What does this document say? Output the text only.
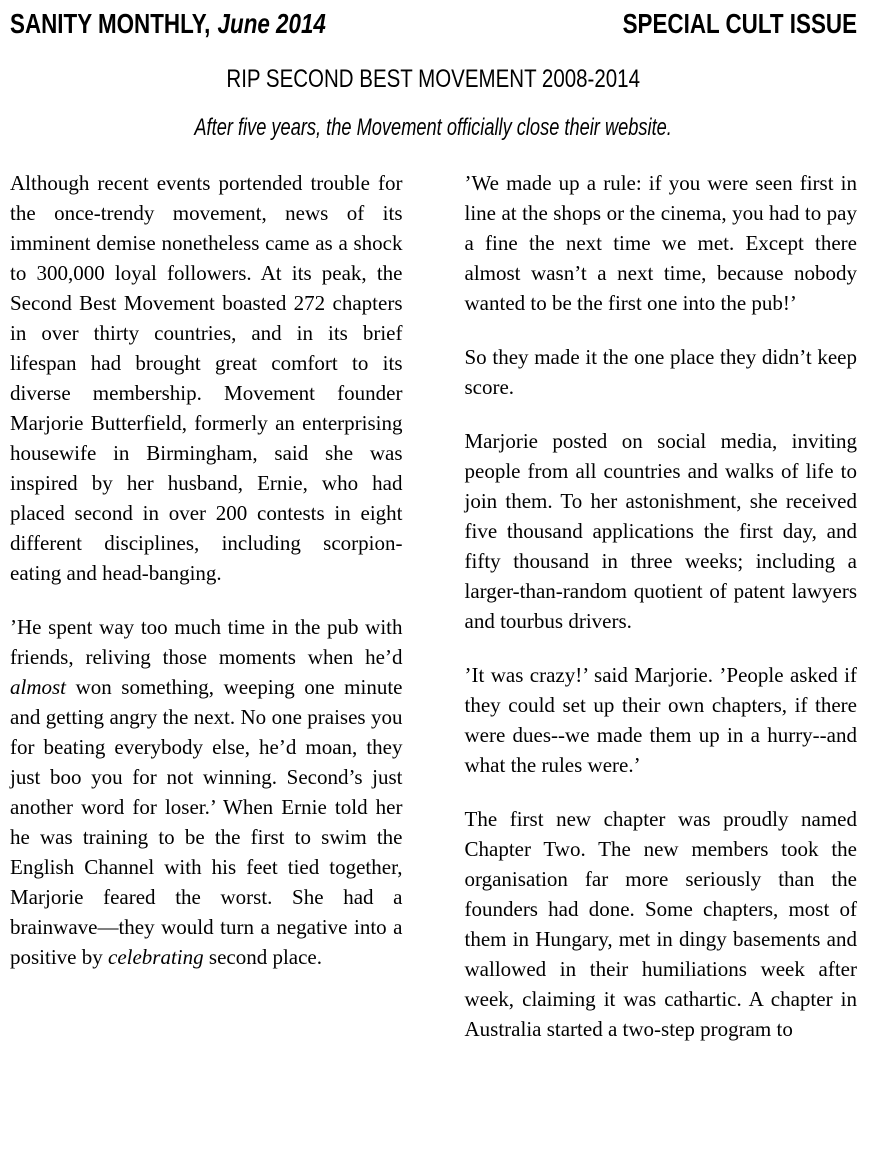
SANITY MONTHLY, June 2014	SPECIAL CULT ISSUE
RIP SECOND BEST MOVEMENT 2008-2014
After five years, the Movement officially close their website.

Although recent events portended trouble for the once-trendy movement, news of its imminent demise nonetheless came as a shock to 300,000 loyal followers. At its peak, the Second Best Movement boasted 272 chapters in over thirty countries, and in its brief lifespan had brought great comfort to its diverse membership. Movement founder Marjorie Butterfield, formerly an enterprising housewife in Birmingham, said she was inspired by her husband, Ernie, who had placed second in over 200 contests in eight different disciplines, including scorpion-eating and head-banging.

’He spent way too much time in the pub with friends, reliving those moments when he’d almost won something, weeping one minute and getting angry the next. No one praises you for beating everybody else, he’d moan, they just boo you for not winning. Second’s just another word for loser.’ When Ernie told her he was training to be the first to swim the English Channel with his feet tied together, Marjorie feared the worst. She had a brainwave—they would turn a negative into a positive by celebrating second place.

’We made up a rule: if you were seen first in line at the shops or the cinema, you had to pay a fine the next time we met. Except there almost wasn’t a next time, because nobody wanted to be the first one into the pub!’

So they made it the one place they didn’t keep score.

Marjorie posted on social media, inviting people from all countries and walks of life to join them. To her astonishment, she received five thousand applications the first day, and fifty thousand in three weeks; including a larger-than-random quotient of patent lawyers and tourbus drivers.

’It was crazy!’ said Marjorie. ’People asked if they could set up their own chapters, if there were dues--we made them up in a hurry--and what the rules were.’

The first new chapter was proudly named Chapter Two. The new members took the organisation far more seriously than the founders had done. Some chapters, most of them in Hungary, met in dingy basements and wallowed in their humiliations week after week, claiming it was cathartic. A chapter in Australia started a two-step program to
